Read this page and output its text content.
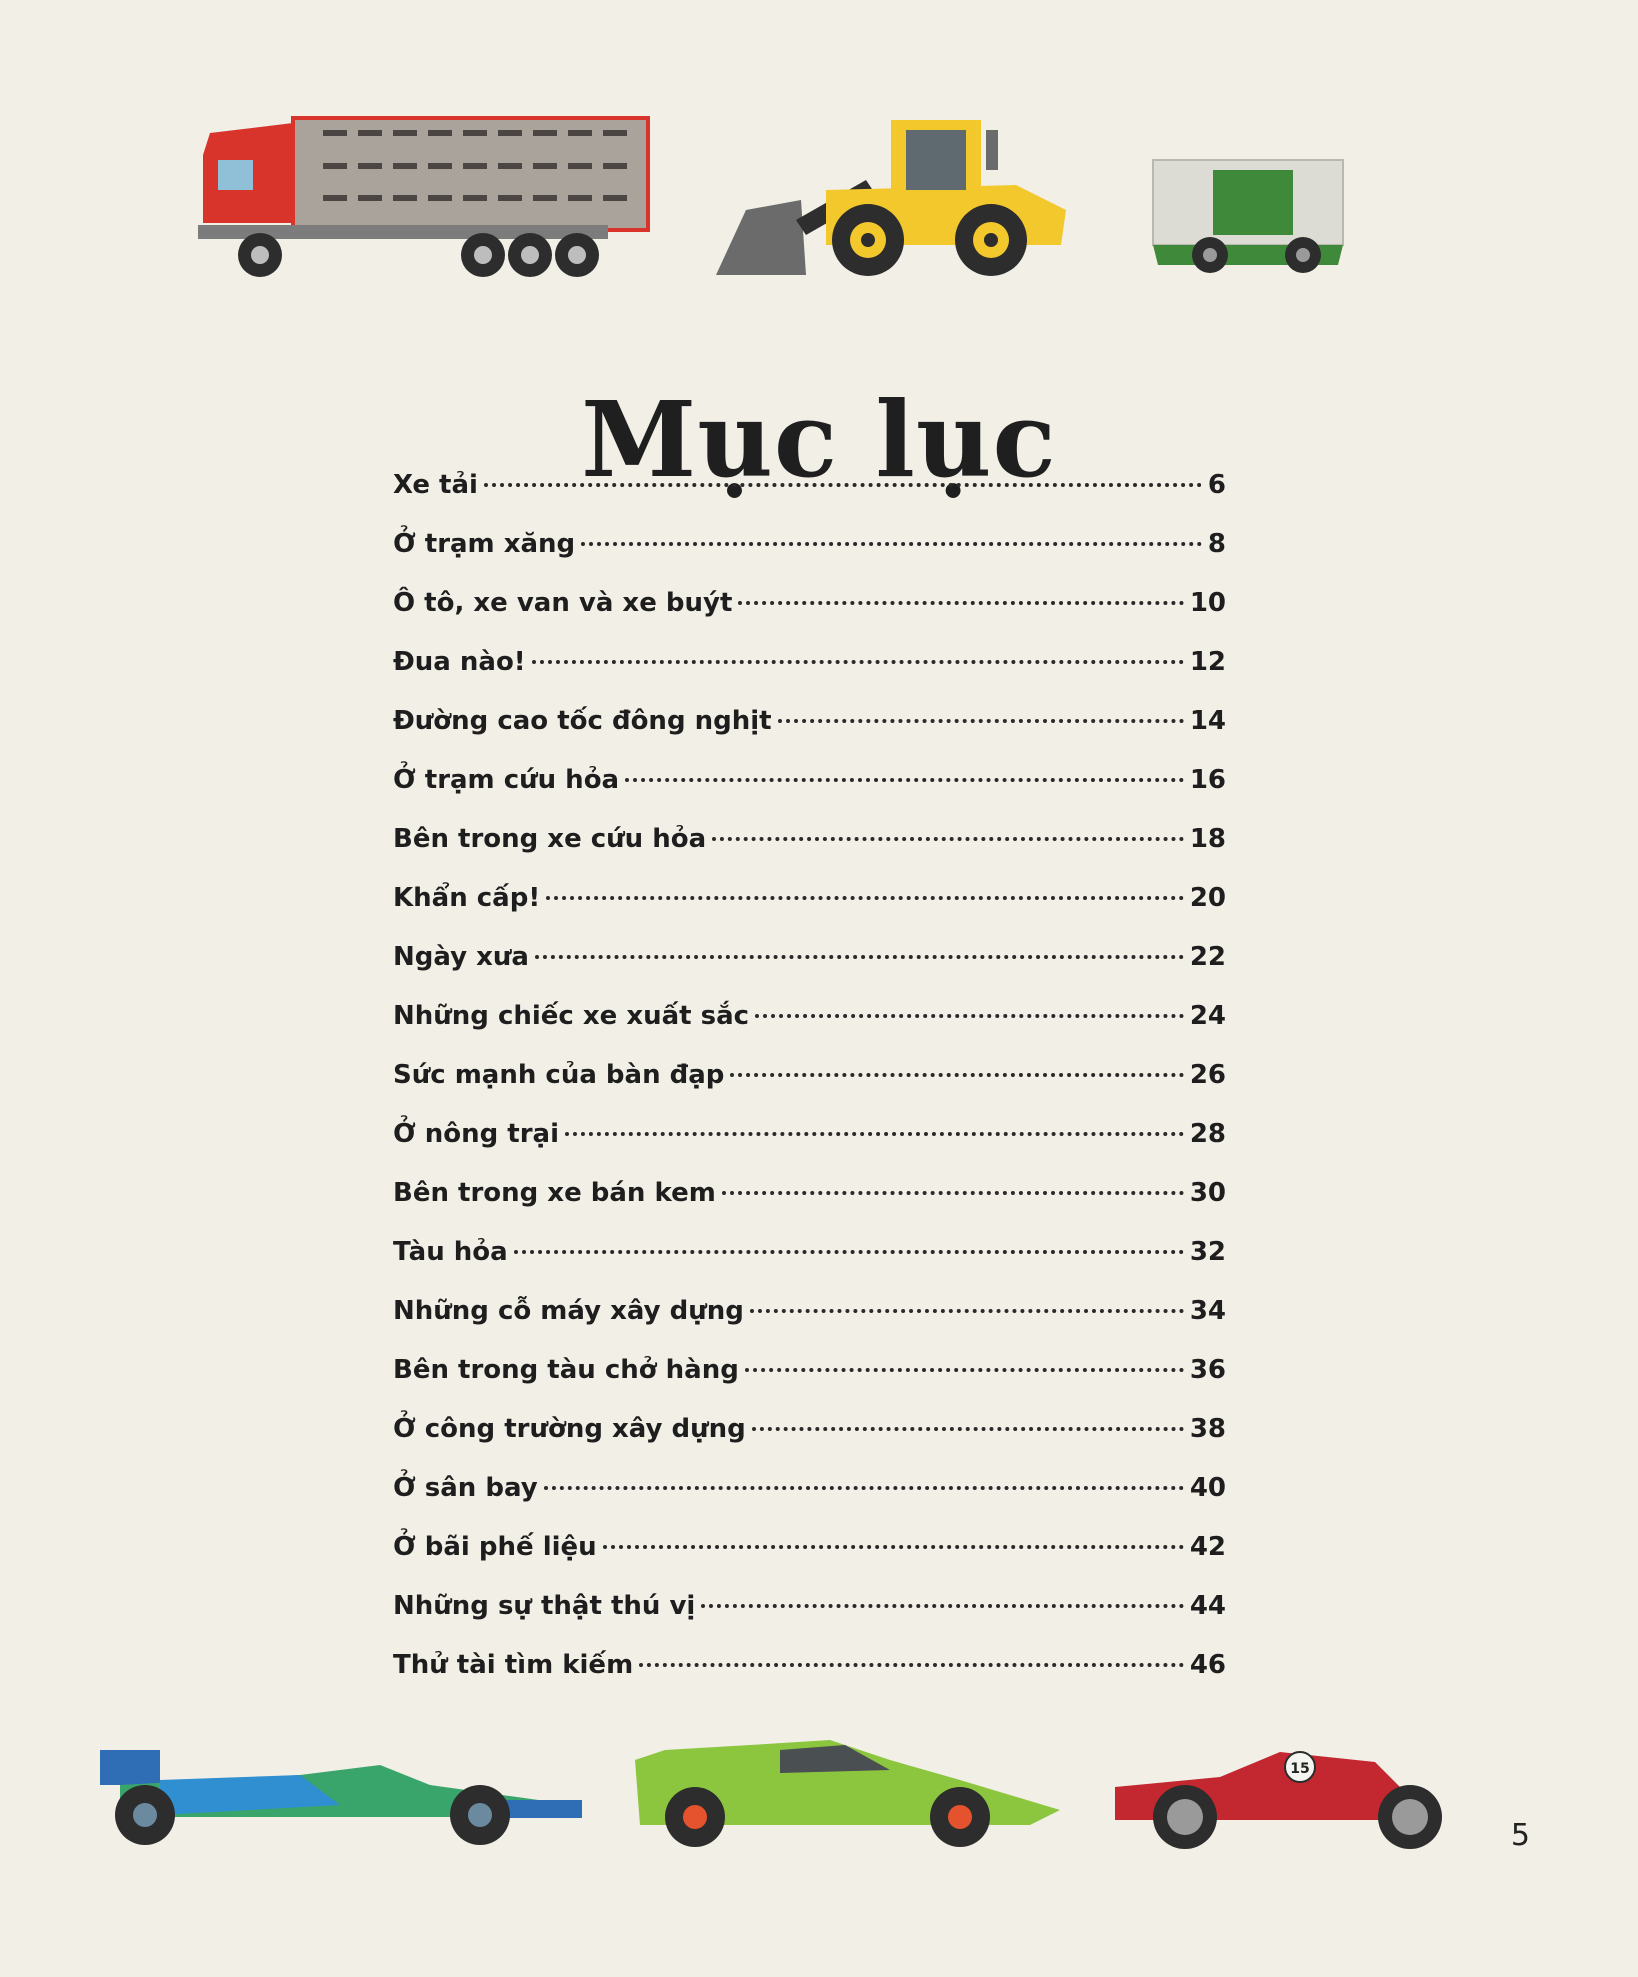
Mục lục
Xe tải	6
Ở trạm xăng	8
Ô tô, xe van và xe buýt	10
Đua nào!	12
Đường cao tốc đông nghịt	14
Ở trạm cứu hỏa	16
Bên trong xe cứu hỏa	18
Khẩn cấp!	20
Ngày xưa	22
Những chiếc xe xuất sắc	24
Sức mạnh của bàn đạp	26
Ở nông trại	28
Bên trong xe bán kem	30
Tàu hỏa	32
Những cỗ máy xây dựng	34
Bên trong tàu chở hàng	36
Ở công trường xây dựng	38
Ở sân bay	40
Ở bãi phế liệu	42
Những sự thật thú vị	44
Thử tài tìm kiếm	46
15
5
